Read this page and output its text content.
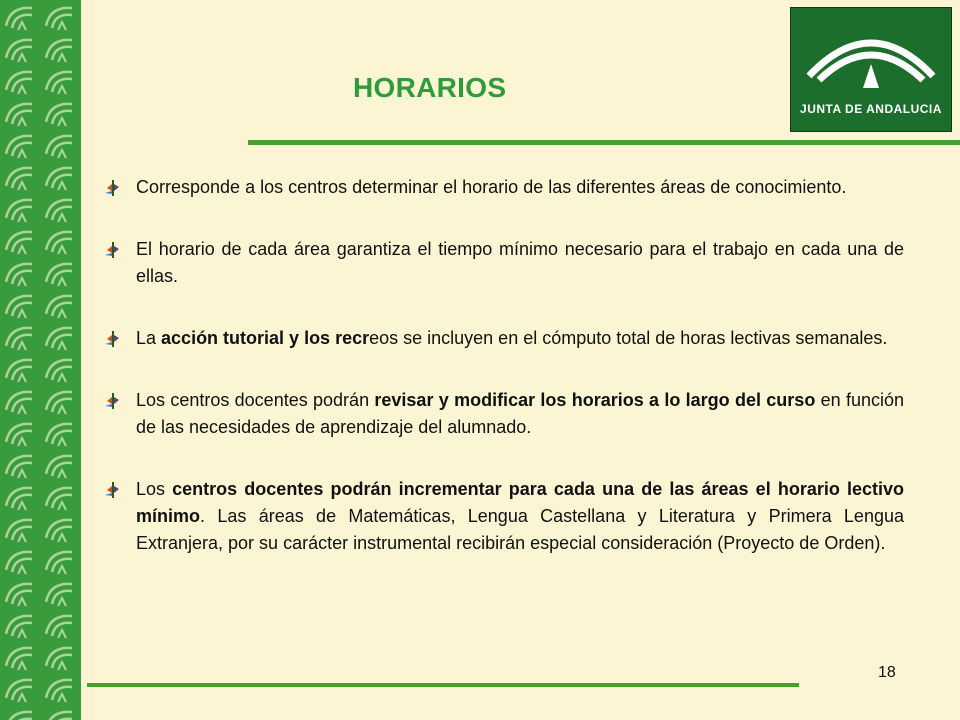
HORARIOS
JUNTA DE ANDALUCIA
Corresponde a los centros determinar el horario de las diferentes áreas de conocimiento.
El horario de cada área garantiza el tiempo mínimo necesario para el trabajo en cada una de ellas.
La acción tutorial y los recreos se incluyen en el cómputo total de horas lectivas semanales.
Los centros docentes podrán revisar y modificar los horarios a lo largo del curso en función de las necesidades de aprendizaje del alumnado.
Los centros docentes podrán incrementar para cada una de las áreas el horario lectivo mínimo. Las áreas de Matemáticas, Lengua Castellana y Literatura y Primera Lengua Extranjera, por su carácter instrumental recibirán especial consideración (Proyecto de Orden).
18
